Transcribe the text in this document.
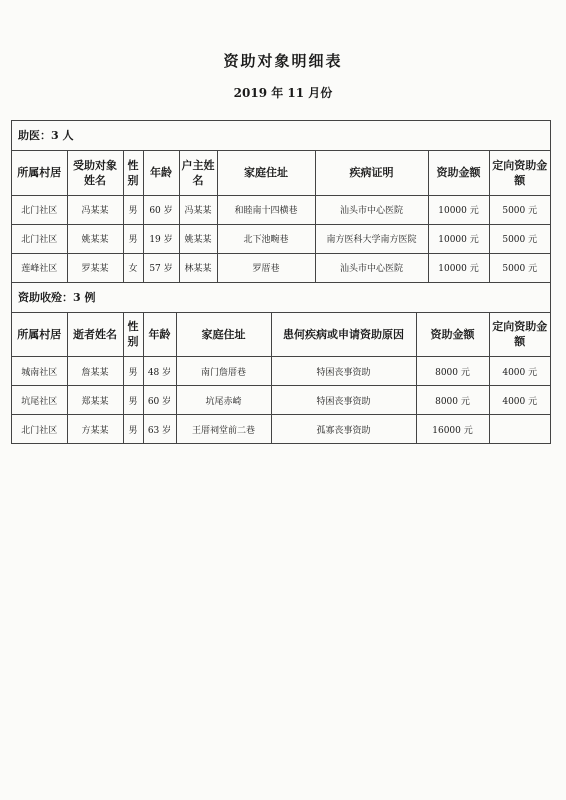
资助对象明细表
2019 年 11 月份
助医：3 人
所属村居	受助对象姓名	性别	年龄	户主姓名	家庭住址	疾病证明	资助金额	定向资助金额
北门社区	冯某某	男	60 岁	冯某某	和睦南十四横巷	汕头市中心医院	10000 元	5000 元
北门社区	姚某某	男	19 岁	姚某某	北下池畹巷	南方医科大学南方医院	10000 元	5000 元
莲峰社区	罗某某	女	57 岁	林某某	罗厝巷	汕头市中心医院	10000 元	5000 元
资助收殓：3 例
所属村居	逝者姓名	性别	年龄	家庭住址	患何疾病或申请资助原因	资助金额	定向资助金额
城南社区	詹某某	男	48 岁	南门詹厝巷	特困丧事资助	8000 元	4000 元
坑尾社区	郑某某	男	60 岁	坑尾赤崎	特困丧事资助	8000 元	4000 元
北门社区	方某某	男	63 岁	王厝祠堂前二巷	孤寡丧事资助	16000 元	
